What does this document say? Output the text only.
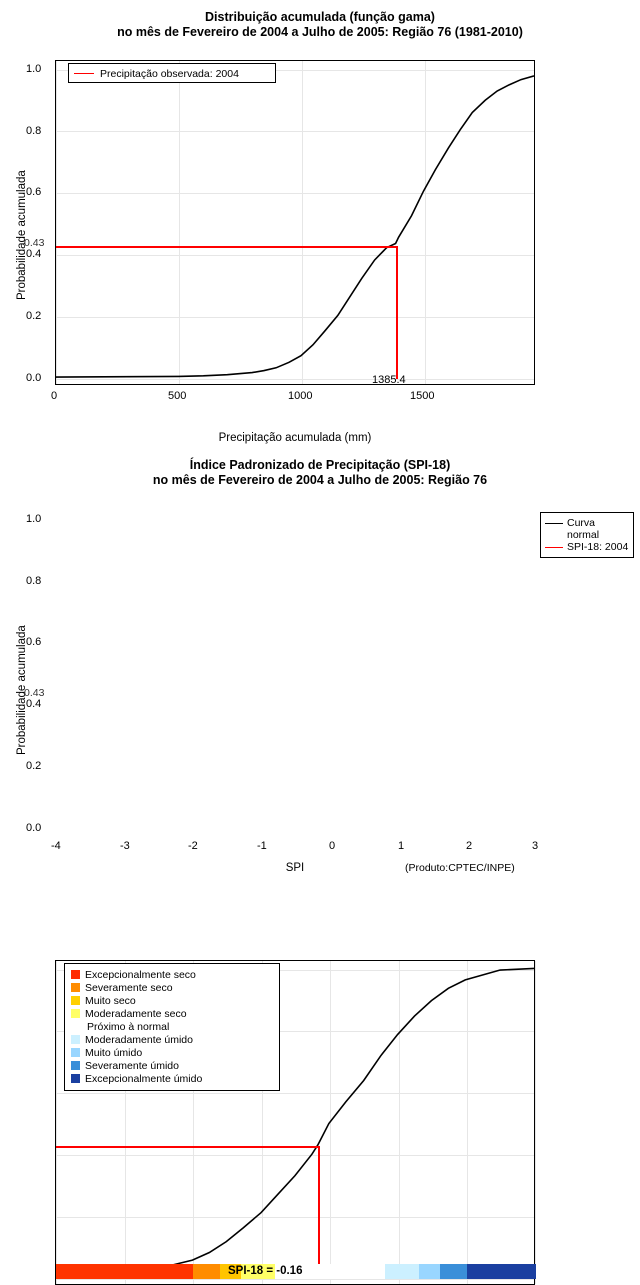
Distribuição acumulada (função gama)
no mês de Fevereiro de 2004 a Julho de 2005: Região 76 (1981-2010)
Probabilidade acumulada
0.0
0.2
0.4
0.6
0.8
1.0
0.43
0	500	1000	1500
Precipitação acumulada (mm)
Precipitação observada: 2004
1385.4
Índice Padronizado de Precipitação (SPI-18)
no mês de Fevereiro de 2004 a Julho de 2005: Região 76
Probabilidade acumulada
0.0
0.2
0.4
0.6
0.8
1.0
0.43
-4	-3	-2	-1	0	1	2	3
SPI	(Produto:CPTEC/INPE)
SPI-18 = -0.16
Excepcionalmente seco
Severamente seco
Muito seco
Moderadamente seco
Próximo à normal
Moderadamente úmido
Muito úmido
Severamente úmido
Excepcionalmente úmido
Curva
normal
SPI-18: 2004
